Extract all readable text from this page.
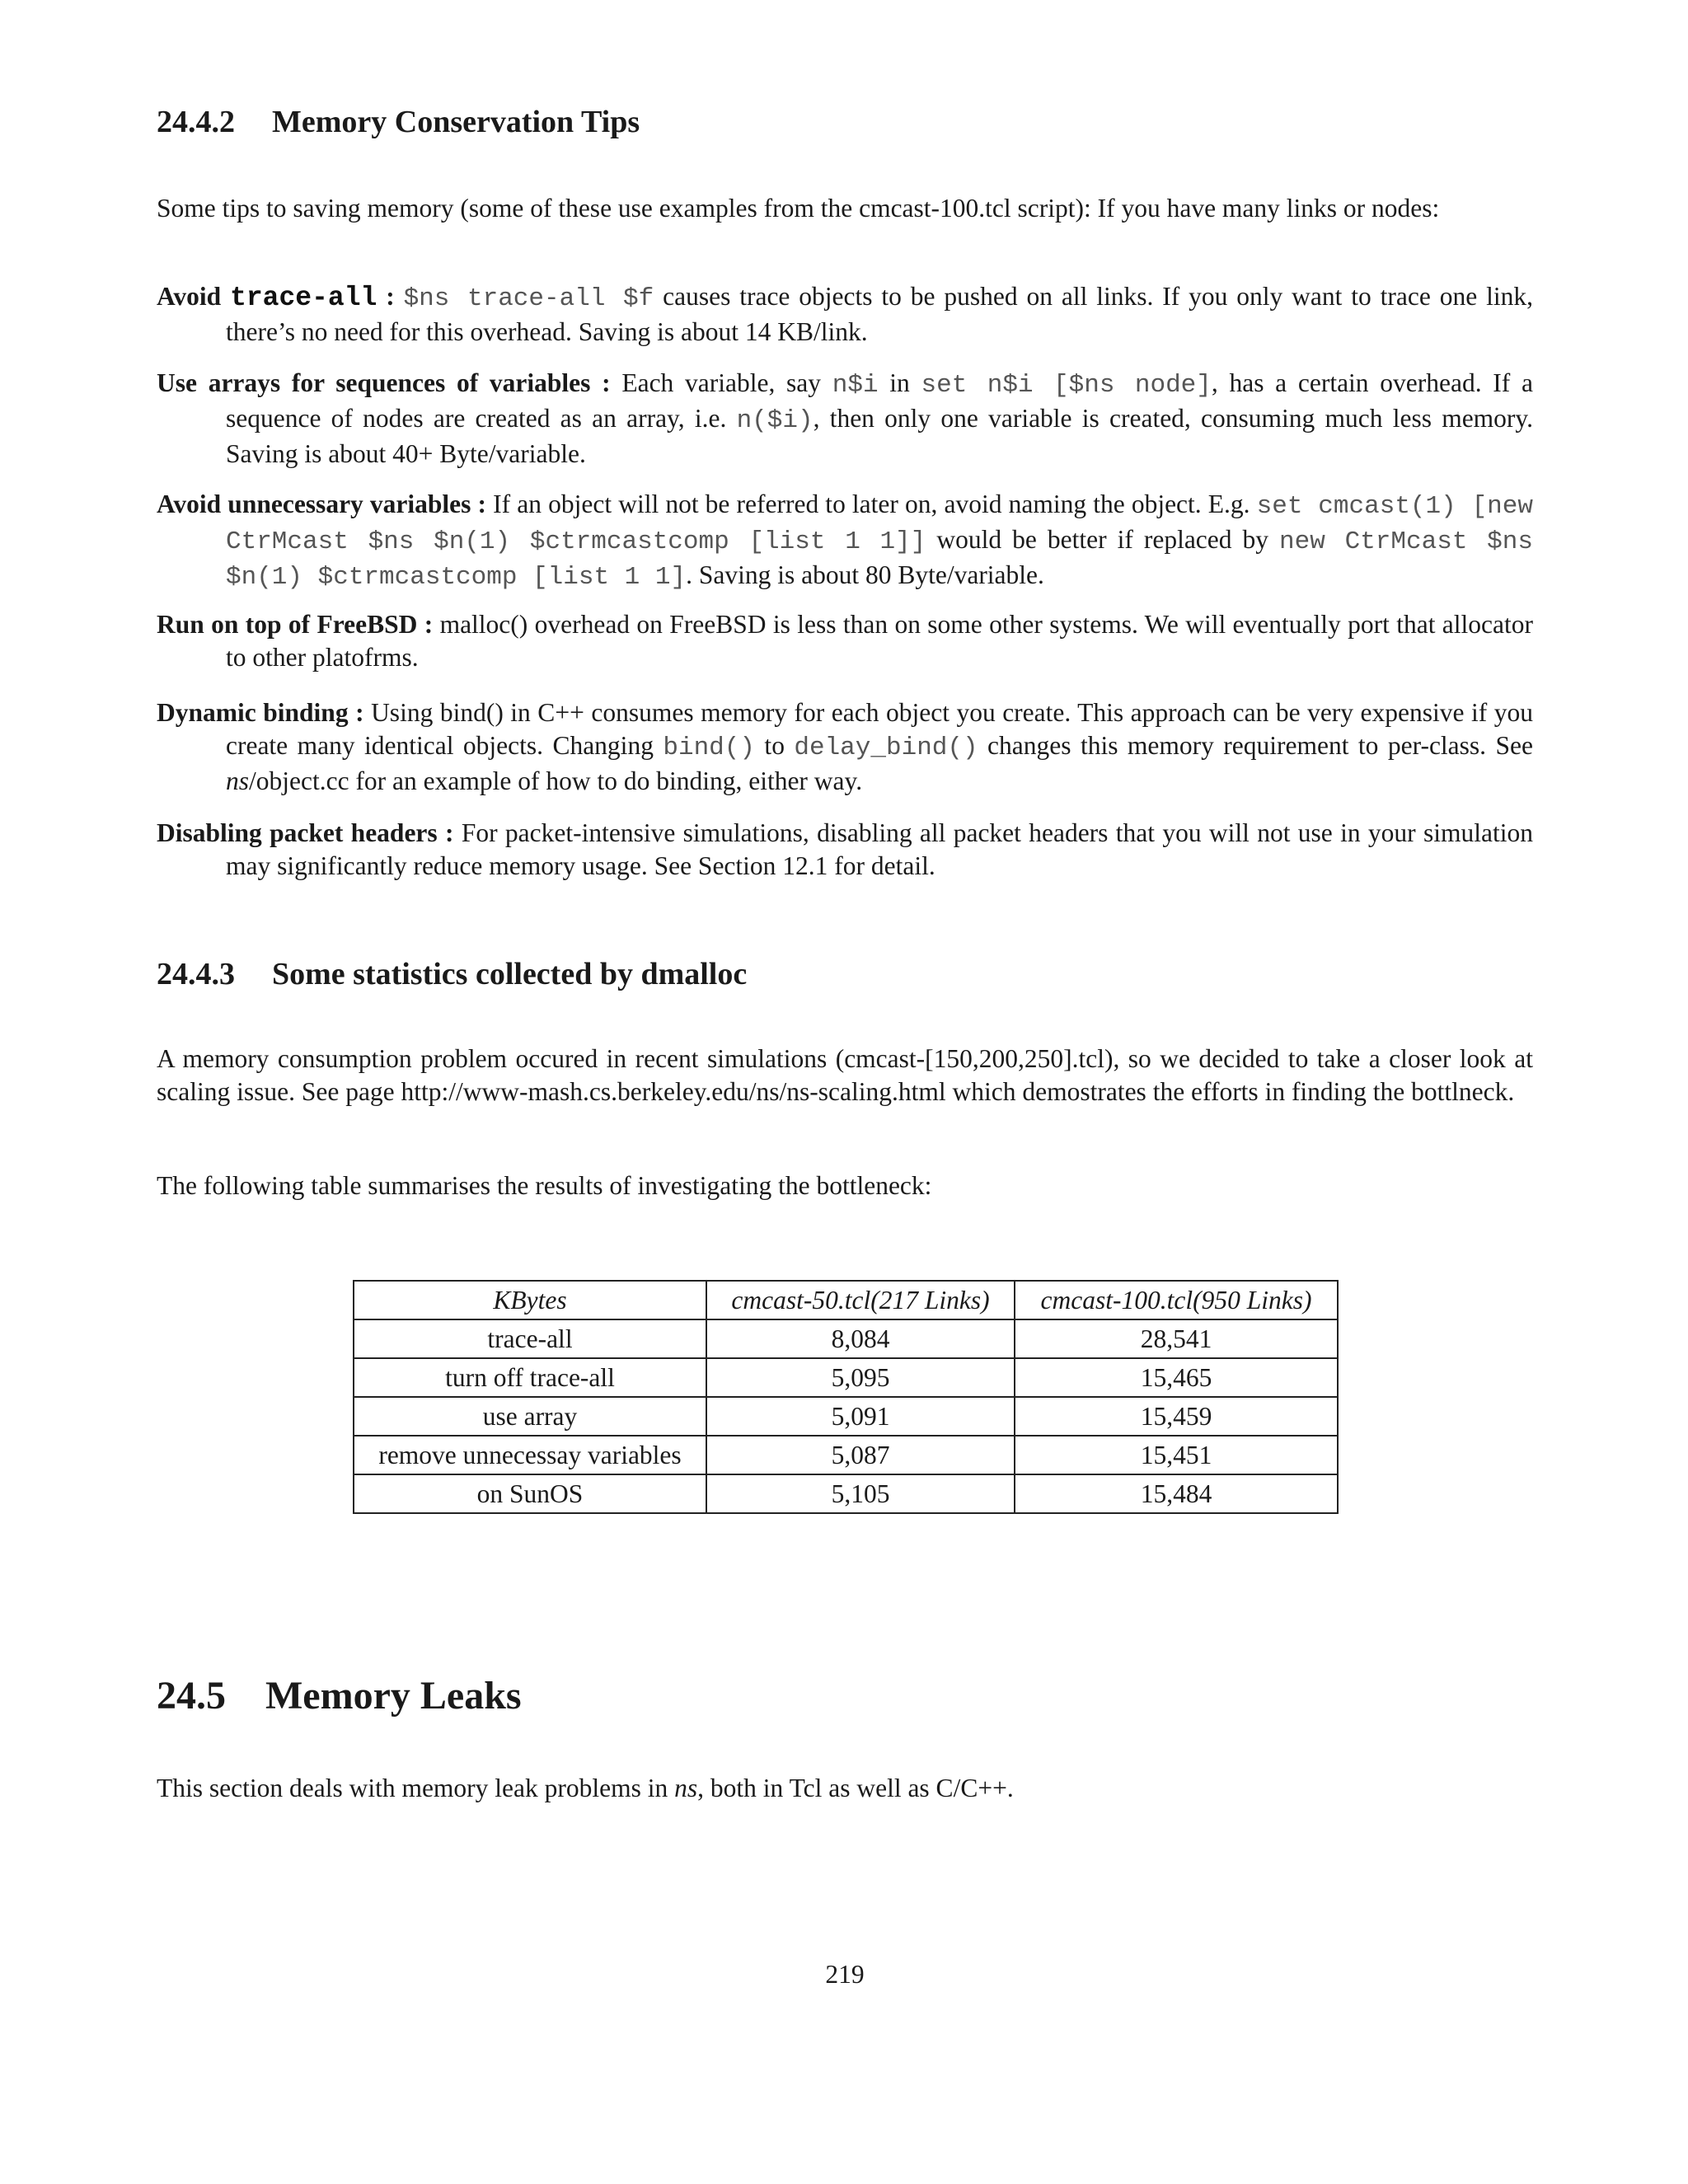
24.4.2 Memory Conservation Tips

Some tips to saving memory (some of these use examples from the cmcast-100.tcl script): If you have many links or nodes:

Avoid trace-all : $ns trace-all $f causes trace objects to be pushed on all links. If you only want to trace one link, there’s no need for this overhead. Saving is about 14 KB/link.

Use arrays for sequences of variables : Each variable, say n$i in set n$i [$ns node], has a certain overhead. If a sequence of nodes are created as an array, i.e. n($i), then only one variable is created, consuming much less memory. Saving is about 40+ Byte/variable.

Avoid unnecessary variables : If an object will not be referred to later on, avoid naming the object. E.g. set cmcast(1) [new CtrMcast $ns $n(1) $ctrmcastcomp [list 1 1]] would be better if replaced by new CtrMcast $ns $n(1) $ctrmcastcomp [list 1 1]. Saving is about 80 Byte/variable.

Run on top of FreeBSD : malloc() overhead on FreeBSD is less than on some other systems. We will eventually port that allocator to other platofrms.

Dynamic binding : Using bind() in C++ consumes memory for each object you create. This approach can be very expensive if you create many identical objects. Changing bind() to delay_bind() changes this memory requirement to per-class. See ns/object.cc for an example of how to do binding, either way.

Disabling packet headers : For packet-intensive simulations, disabling all packet headers that you will not use in your simulation may significantly reduce memory usage. See Section 12.1 for detail.

24.4.3 Some statistics collected by dmalloc

A memory consumption problem occured in recent simulations (cmcast-[150,200,250].tcl), so we decided to take a closer look at scaling issue. See page http://www-mash.cs.berkeley.edu/ns/ns-scaling.html which demostrates the efforts in finding the bottlneck.

The following table summarises the results of investigating the bottleneck:

KBytes	cmcast-50.tcl(217 Links)	cmcast-100.tcl(950 Links)
trace-all	8,084	28,541
turn off trace-all	5,095	15,465
use array	5,091	15,459
remove unnecessay variables	5,087	15,451
on SunOS	5,105	15,484
24.5 Memory Leaks

This section deals with memory leak problems in ns, both in Tcl as well as C/C++.

219
